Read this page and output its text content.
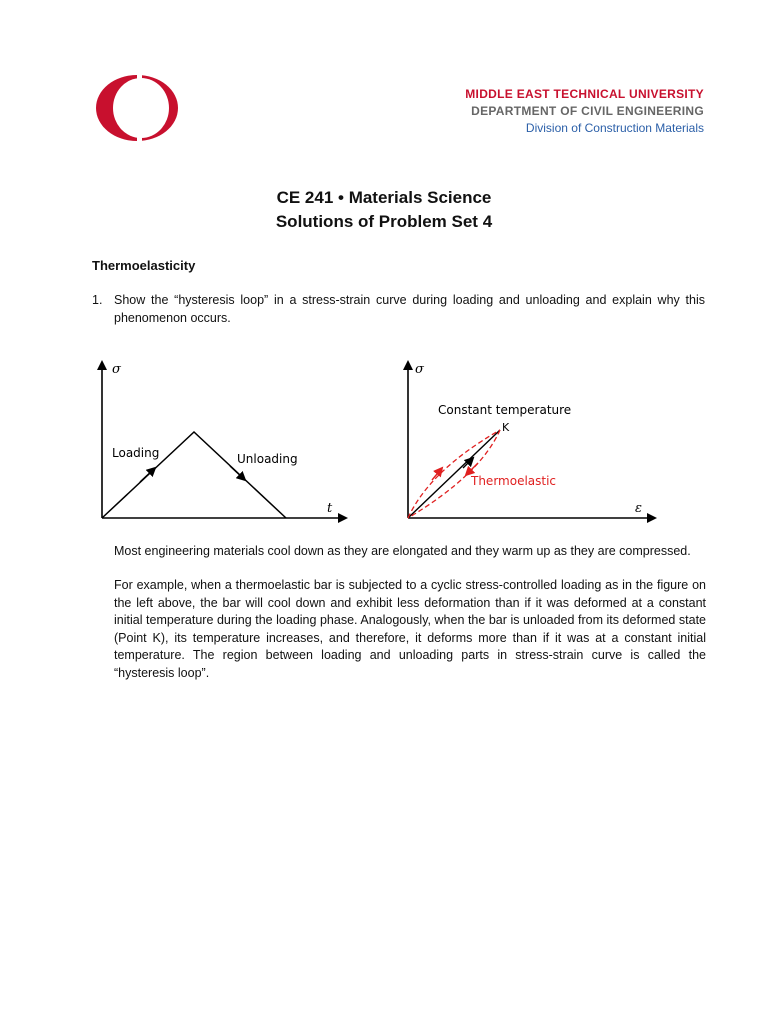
MIDDLE EAST TECHNICAL UNIVERSITY
DEPARTMENT OF CIVIL ENGINEERING
Division of Construction Materials
CE 241 • Materials Science
Solutions of Problem Set 4
Thermoelasticity
1. Show the “hysteresis loop” in a stress-strain curve during loading and unloading and explain why this phenomenon occurs.
σ
t
Loading	Unloading
σ
ε
Constant temperature
K
Thermoelastic
Most engineering materials cool down as they are elongated and they warm up as they are compressed.
For example, when a thermoelastic bar is subjected to a cyclic stress-controlled loading as in the figure on the left above, the bar will cool down and exhibit less deformation than if it was deformed at a constant initial temperature during the loading phase. Analogously, when the bar is unloaded from its deformed state (Point K), its temperature increases, and therefore, it deforms more than if it was at a constant initial temperature. The region between loading and unloading parts in stress-strain curve is called the “hysteresis loop”.
